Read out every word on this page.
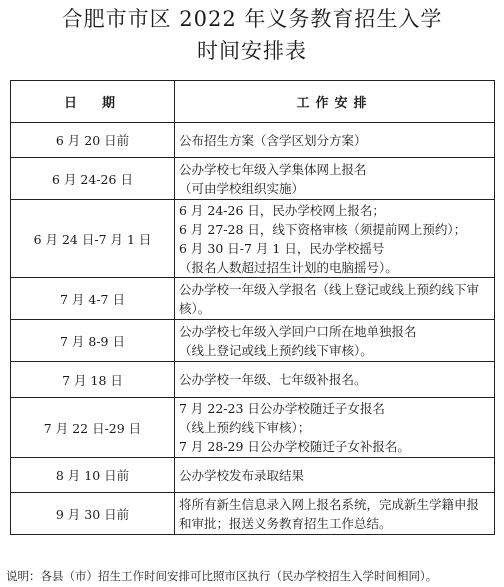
合肥市市区 2022 年义务教育招生入学
时间安排表
日　期	工作安排
6 月 20 日前	公布招生方案（含学区划分方案）

6 月 24-26 日	公办学校七年级入学集体网上报名
（可由学校组织实施）

6 月 24 日-7 月 1 日	6 月 24-26 日，民办学校网上报名；
6 月 27-28 日，线下资格审核（须提前网上预约）；
6 月 30 日-7 月 1 日，民办学校摇号
（报名人数超过招生计划的电脑摇号）。

7 月 4-7 日	公办学校一年级入学报名（线上登记或线上预约线下审
核）。

7 月 8-9 日	公办学校七年级入学回户口所在地单独报名
（线上登记或线上预约线下审核）。

7 月 18 日	公办学校一年级、七年级补报名。

7 月 22 日-29 日	7 月 22-23 日公办学校随迁子女报名
（线上预约线下审核）；
7 月 28-29 日公办学校随迁子女补报名。

8 月 10 日前	公办学校发布录取结果

9 月 30 日前	将所有新生信息录入网上报名系统，完成新生学籍申报
和审批；报送义务教育招生工作总结。
说明：各县（市）招生工作时间安排可比照市区执行（民办学校招生入学时间相同）。
